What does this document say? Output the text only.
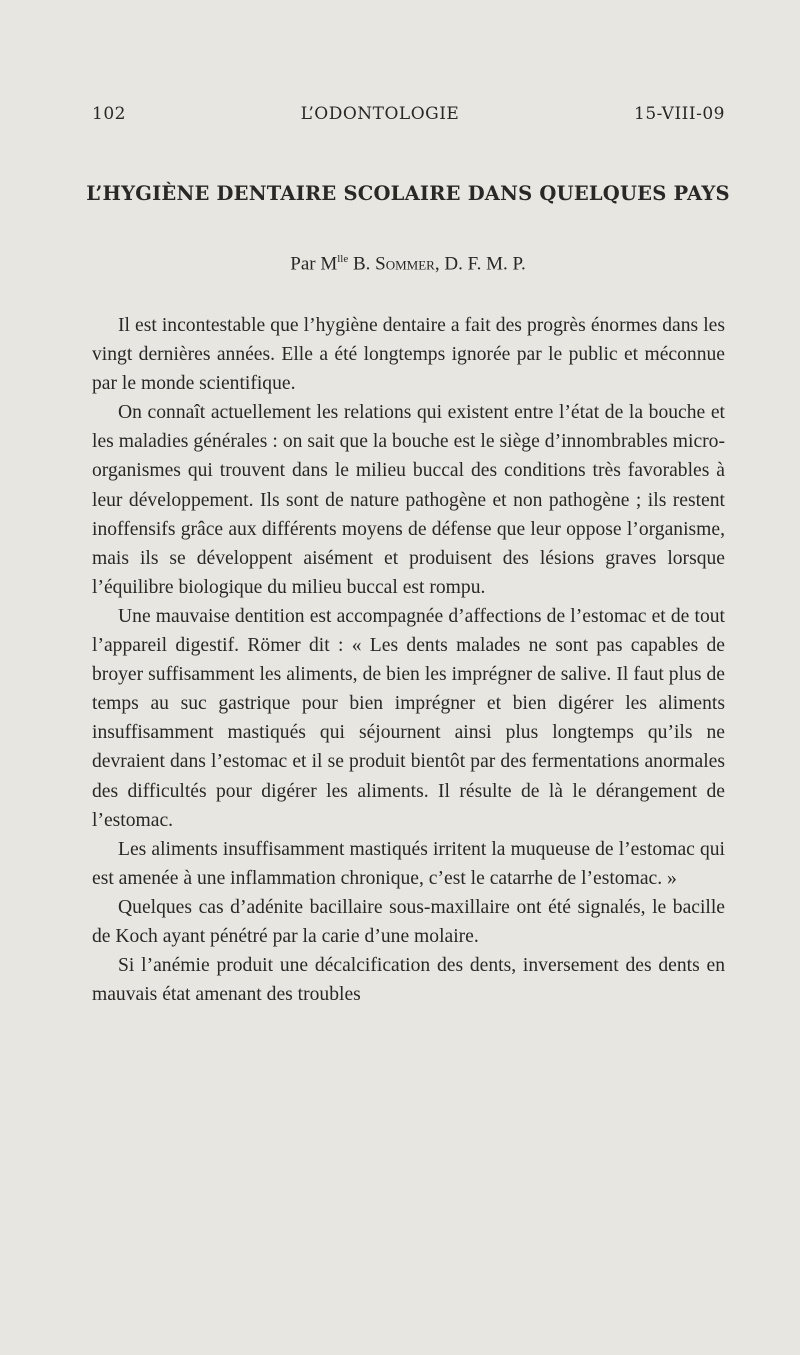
102	L’ODONTOLOGIE	15-VIII-09
L’HYGIÈNE DENTAIRE SCOLAIRE DANS QUELQUES PAYS
Par $M^{lle}$ B. Sommer, D. F. M. P.

Il est incontestable que l’hygiène dentaire a fait des progrès énormes dans les vingt dernières années. Elle a été longtemps ignorée par le public et méconnue par le monde scientifique.

On connaît actuellement les relations qui existent entre l’état de la bouche et les maladies générales : on sait que la bouche est le siège d’innombrables micro-organismes qui trouvent dans le milieu buccal des conditions très favorables à leur développement. Ils sont de nature pathogène et non pathogène ; ils restent inoffensifs grâce aux différents moyens de défense que leur oppose l’organisme, mais ils se développent aisément et produisent des lésions graves lorsque l’équilibre biologique du milieu buccal est rompu.

Une mauvaise dentition est accompagnée d’affections de l’estomac et de tout l’appareil digestif. Römer dit : « Les dents malades ne sont pas capables de broyer suffisamment les aliments, de bien les imprégner de salive. Il faut plus de temps au suc gastrique pour bien imprégner et bien digérer les aliments insuffisamment mastiqués qui séjournent ainsi plus longtemps qu’ils ne devraient dans l’estomac et il se produit bientôt par des fermentations anormales des difficultés pour digérer les aliments. Il résulte de là le dérangement de l’estomac.

Les aliments insuffisamment mastiqués irritent la muqueuse de l’estomac qui est amenée à une inflammation chronique, c’est le catarrhe de l’estomac. »

Quelques cas d’adénite bacillaire sous-maxillaire ont été signalés, le bacille de Koch ayant pénétré par la carie d’une molaire.

Si l’anémie produit une décalcification des dents, inversement des dents en mauvais état amenant des troubles
